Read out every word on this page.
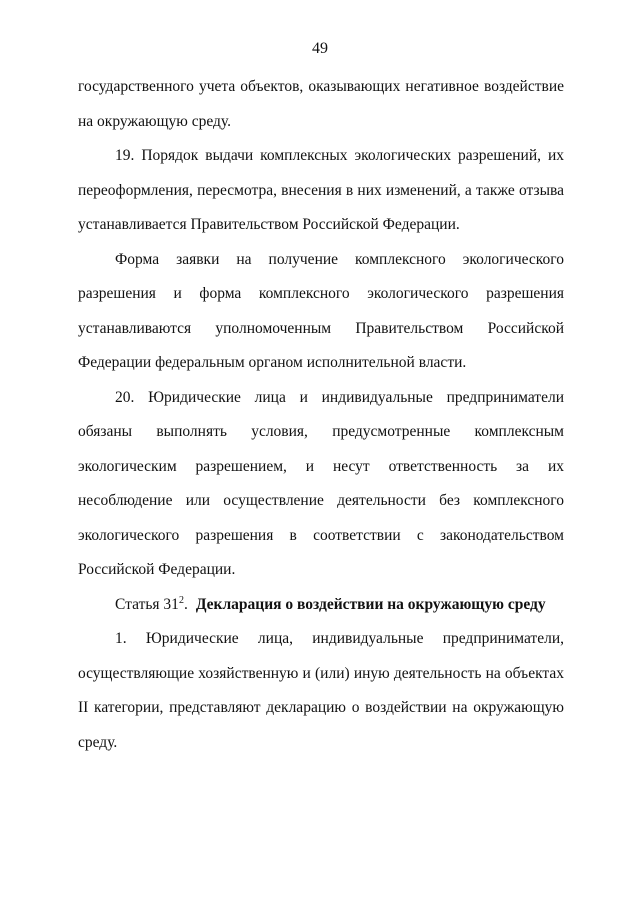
49

государственного учета объектов, оказывающих негативное воздействие на окружающую среду.

19. Порядок выдачи комплексных экологических разрешений, их переоформления, пересмотра, внесения в них изменений, а также отзыва устанавливается Правительством Российской Федерации.

Форма заявки на получение комплексного экологического разрешения и форма комплексного экологического разрешения устанавливаются уполномоченным Правительством Российской Федерации федеральным органом исполнительной власти.

20. Юридические лица и индивидуальные предприниматели обязаны выполнять условия, предусмотренные комплексным экологическим разрешением, и несут ответственность за их несоблюдение или осуществление деятельности без комплексного экологического разрешения в соответствии с законодательством Российской Федерации.

Статья $31^2$. Декларация о воздействии на окружающую среду

1. Юридические лица, индивидуальные предприниматели, осуществляющие хозяйственную и (или) иную деятельность на объектах II категории, представляют декларацию о воздействии на окружающую среду.
